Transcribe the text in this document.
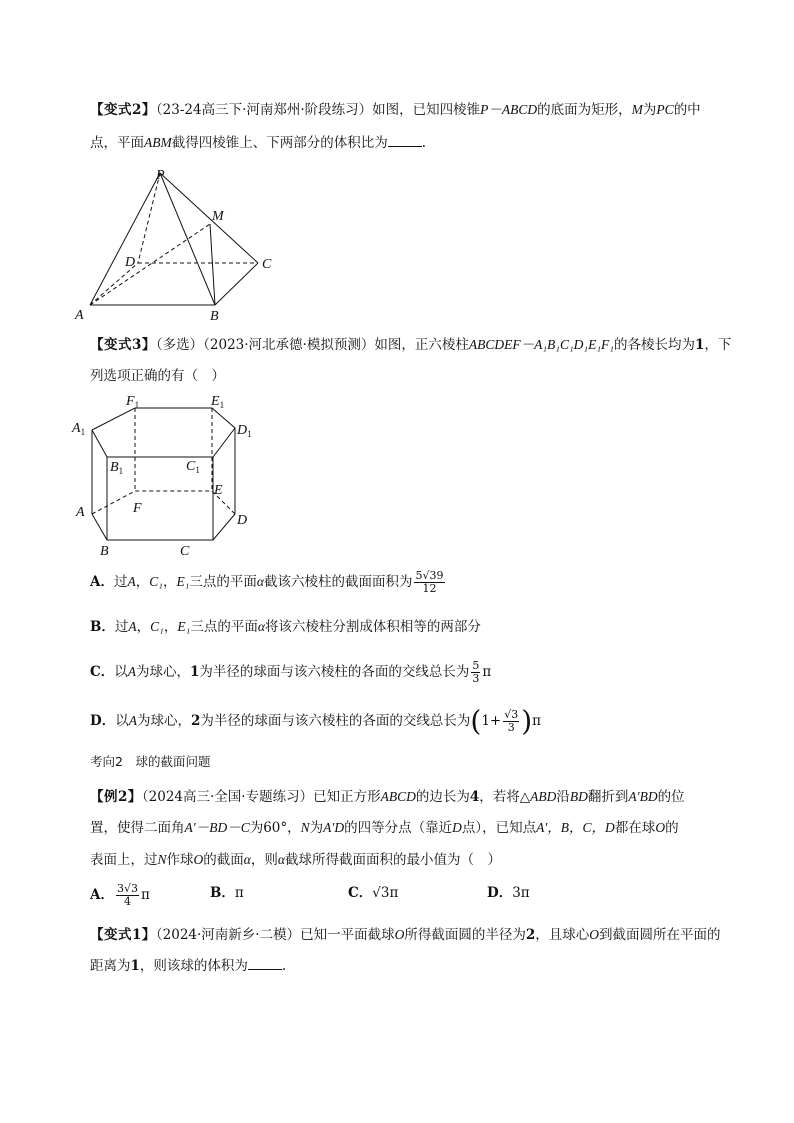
【变式2】（23-24高三下·河南郑州·阶段练习）如图，已知四棱锥P－ABCD的底面为矩形，M为PC的中
点，平面ABM截得四棱锥上、下两部分的体积比为	.
P
M
D	C
A	B
【变式3】（多选）（2023·河北承德·模拟预测）如图，正六棱柱ABCDEF－A₁B₁C₁D₁E₁F₁的各棱长均为1，下
列选项正确的有（　）
$F_1$	$E_1$
$A_1$	$D_1$
$B_1$	$C_1$
E
F
A
D
B	C
A．过A，C₁，E₁三点的平面α截该六棱柱的截面面积为 $\frac{5√39}{12}$
B．过A，C₁，E₁三点的平面α将该六棱柱分割成体积相等的两部分
C．以A为球心，1为半径的球面与该六棱柱的各面的交线总长为 $\frac{5}{3}$ π
D．以A为球心，2为半径的球面与该六棱柱的各面的交线总长为$(1+ \frac{√3}{3} )\pi$
考向2　球的截面问题
【例2】（2024高三·全国·专题练习）已知正方形ABCD的边长为4，若将△ABD沿BD翻折到A′BD的位
置，使得二面角A′－BD－C为60°，N为A′D的四等分点（靠近D点），已知点A′，B，C，D都在球O的
表面上，过N作球O的截面α，则α截球所得截面面积的最小值为（　）
A． $\frac{3√3}{4}$ π	B．π	C．√3π	D．3π
【变式1】（2024·河南新乡·二模）已知一平面截球O所得截面圆的半径为2，且球心O到截面圆所在平面的
距离为1，则该球的体积为	.
